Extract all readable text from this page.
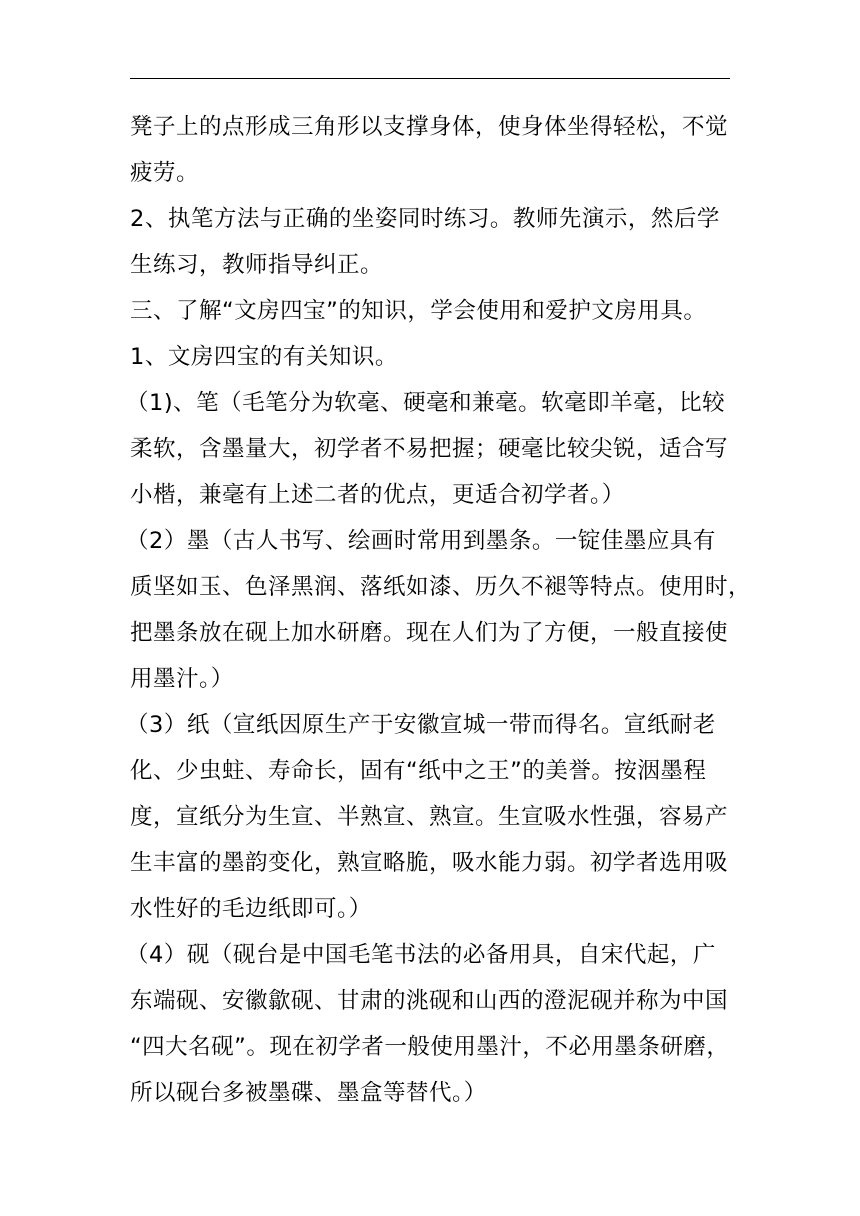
凳子上的点形成三角形以支撑身体，使身体坐得轻松，不觉
疲劳。
2、执笔方法与正确的坐姿同时练习。教师先演示，然后学
生练习，教师指导纠正。
三、了解“文房四宝”的知识，学会使用和爱护文房用具。
1、文房四宝的有关知识。
（1)、笔（毛笔分为软毫、硬毫和兼毫。软毫即羊毫，比较
柔软，含墨量大，初学者不易把握；硬毫比较尖锐，适合写
小楷，兼毫有上述二者的优点，更适合初学者。）
（2）墨（古人书写、绘画时常用到墨条。一锭佳墨应具有
质坚如玉、色泽黑润、落纸如漆、历久不褪等特点。使用时，
把墨条放在砚上加水研磨。现在人们为了方便，一般直接使
用墨汁。）
（3）纸（宣纸因原生产于安徽宣城一带而得名。宣纸耐老
化、少虫蛀、寿命长，固有“纸中之王”的美誉。按洇墨程
度，宣纸分为生宣、半熟宣、熟宣。生宣吸水性强，容易产
生丰富的墨韵变化，熟宣略脆，吸水能力弱。初学者选用吸
水性好的毛边纸即可。）
（4）砚（砚台是中国毛笔书法的必备用具，自宋代起，广
东端砚、安徽歙砚、甘肃的洮砚和山西的澄泥砚并称为中国
“四大名砚”。现在初学者一般使用墨汁，不必用墨条研磨，
所以砚台多被墨碟、墨盒等替代。）
